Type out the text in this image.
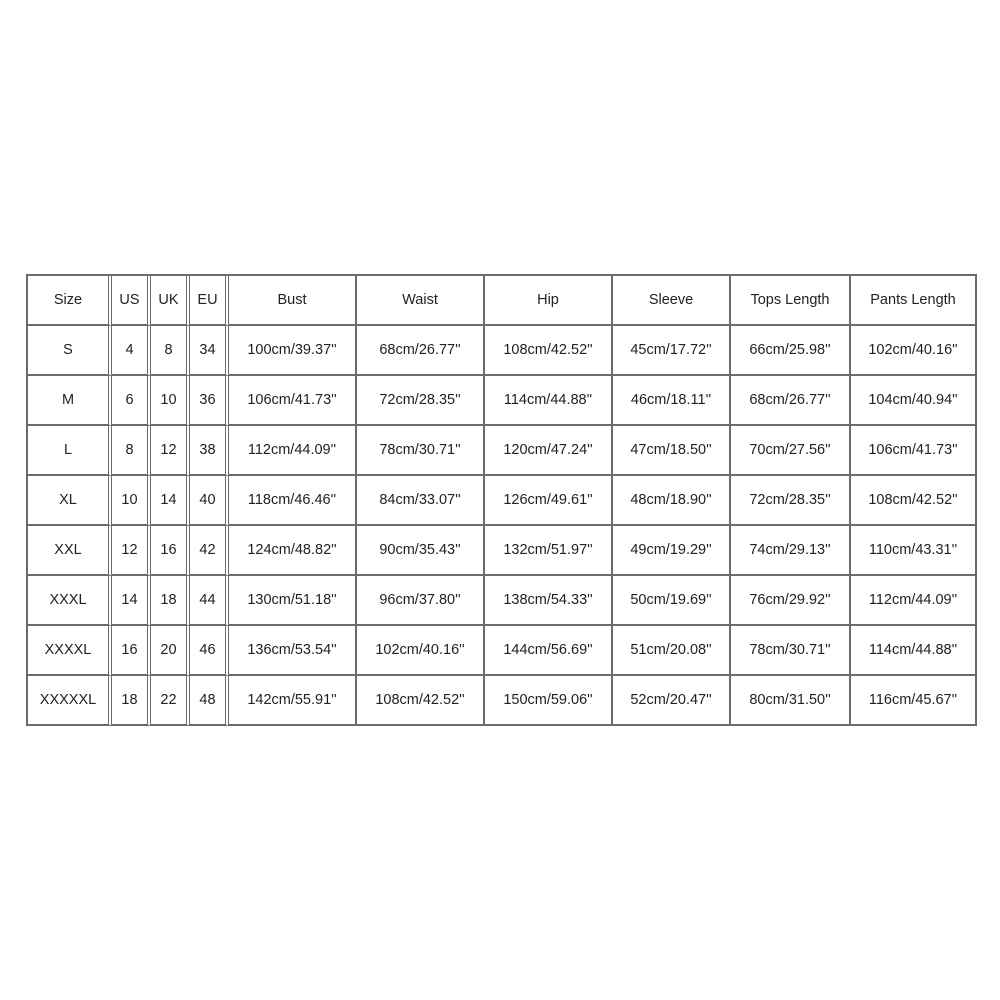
Size	US	UK	EU	Bust	Waist	Hip	Sleeve	Tops Length	Pants Length
S	4	8	34	100cm/39.37''	68cm/26.77''	108cm/42.52''	45cm/17.72''	66cm/25.98''	102cm/40.16''
M	6	10	36	106cm/41.73''	72cm/28.35''	114cm/44.88''	46cm/18.11''	68cm/26.77''	104cm/40.94''
L	8	12	38	112cm/44.09''	78cm/30.71''	120cm/47.24''	47cm/18.50''	70cm/27.56''	106cm/41.73''
XL	10	14	40	118cm/46.46''	84cm/33.07''	126cm/49.61''	48cm/18.90''	72cm/28.35''	108cm/42.52''
XXL	12	16	42	124cm/48.82''	90cm/35.43''	132cm/51.97''	49cm/19.29''	74cm/29.13''	110cm/43.31''
XXXL	14	18	44	130cm/51.18''	96cm/37.80''	138cm/54.33''	50cm/19.69''	76cm/29.92''	112cm/44.09''
XXXXL	16	20	46	136cm/53.54''	102cm/40.16''	144cm/56.69''	51cm/20.08''	78cm/30.71''	114cm/44.88''
XXXXXL	18	22	48	142cm/55.91''	108cm/42.52''	150cm/59.06''	52cm/20.47''	80cm/31.50''	116cm/45.67''
